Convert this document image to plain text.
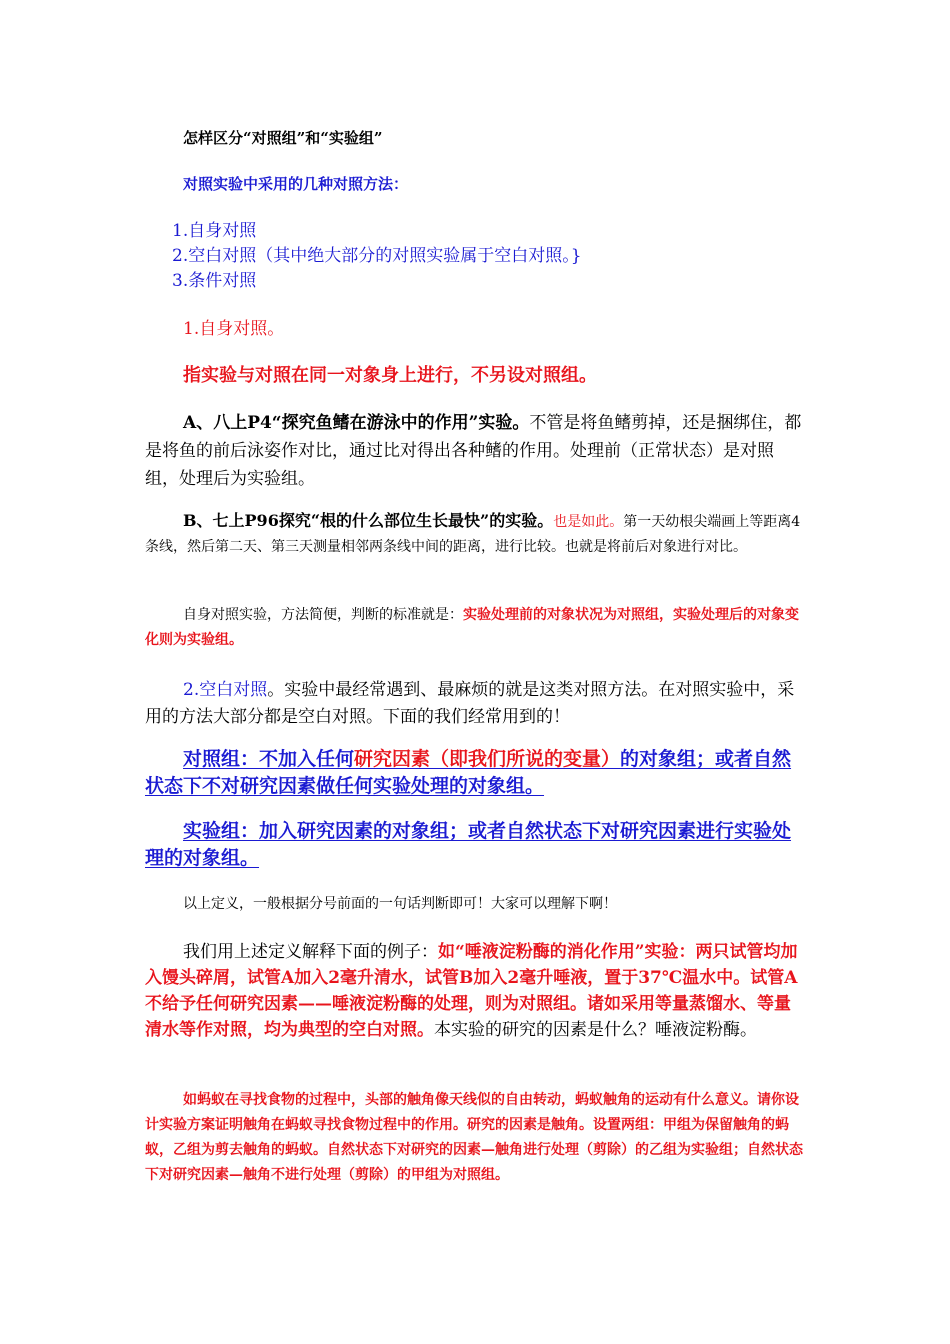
怎样区分“对照组”和“实验组”

对照实验中采用的几种对照方法：

1.自身对照
2.空白对照（其中绝大部分的对照实验属于空白对照。}
3.条件对照

1.自身对照。

指实验与对照在同一对象身上进行，不另设对照组。

A、八上P4“探究鱼鳍在游泳中的作用”实验。不管是将鱼鳍剪掉，还是捆绑住，都是将鱼的前后泳姿作对比，通过比对得出各种鳍的作用。处理前（正常状态）是对照组，处理后为实验组。

B、七上P96探究“根的什么部位生长最快”的实验。也是如此。第一天幼根尖端画上等距离4条线，然后第二天、第三天测量相邻两条线中间的距离，进行比较。也就是将前后对象进行对比。

自身对照实验，方法简便，判断的标准就是：实验处理前的对象状况为对照组，实验处理后的对象变化则为实验组。

2.空白对照。实验中最经常遇到、最麻烦的就是这类对照方法。在对照实验中，采用的方法大部分都是空白对照。下面的我们经常用到的！

对照组：不加入任何研究因素（即我们所说的变量）的对象组；或者自然状态下不对研究因素做任何实验处理的对象组。

实验组：加入研究因素的对象组；或者自然状态下对研究因素进行实验处理的对象组。

以上定义，一般根据分号前面的一句话判断即可！大家可以理解下啊！

我们用上述定义解释下面的例子：如“唾液淀粉酶的消化作用”实验：两只试管均加入馒头碎屑，试管A加入2毫升清水，试管B加入2毫升唾液，置于37℃温水中。试管A不给予任何研究因素——唾液淀粉酶的处理，则为对照组。诸如采用等量蒸馏水、等量清水等作对照，均为典型的空白对照。本实验的研究的因素是什么？唾液淀粉酶。

如蚂蚁在寻找食物的过程中，头部的触角像天线似的自由转动，蚂蚁触角的运动有什么意义。请你设计实验方案证明触角在蚂蚁寻找食物过程中的作用。研究的因素是触角。设置两组：甲组为保留触角的蚂蚁，乙组为剪去触角的蚂蚁。自然状态下对研究的因素—触角进行处理（剪除）的乙组为实验组；自然状态下对研究因素—触角不进行处理（剪除）的甲组为对照组。
